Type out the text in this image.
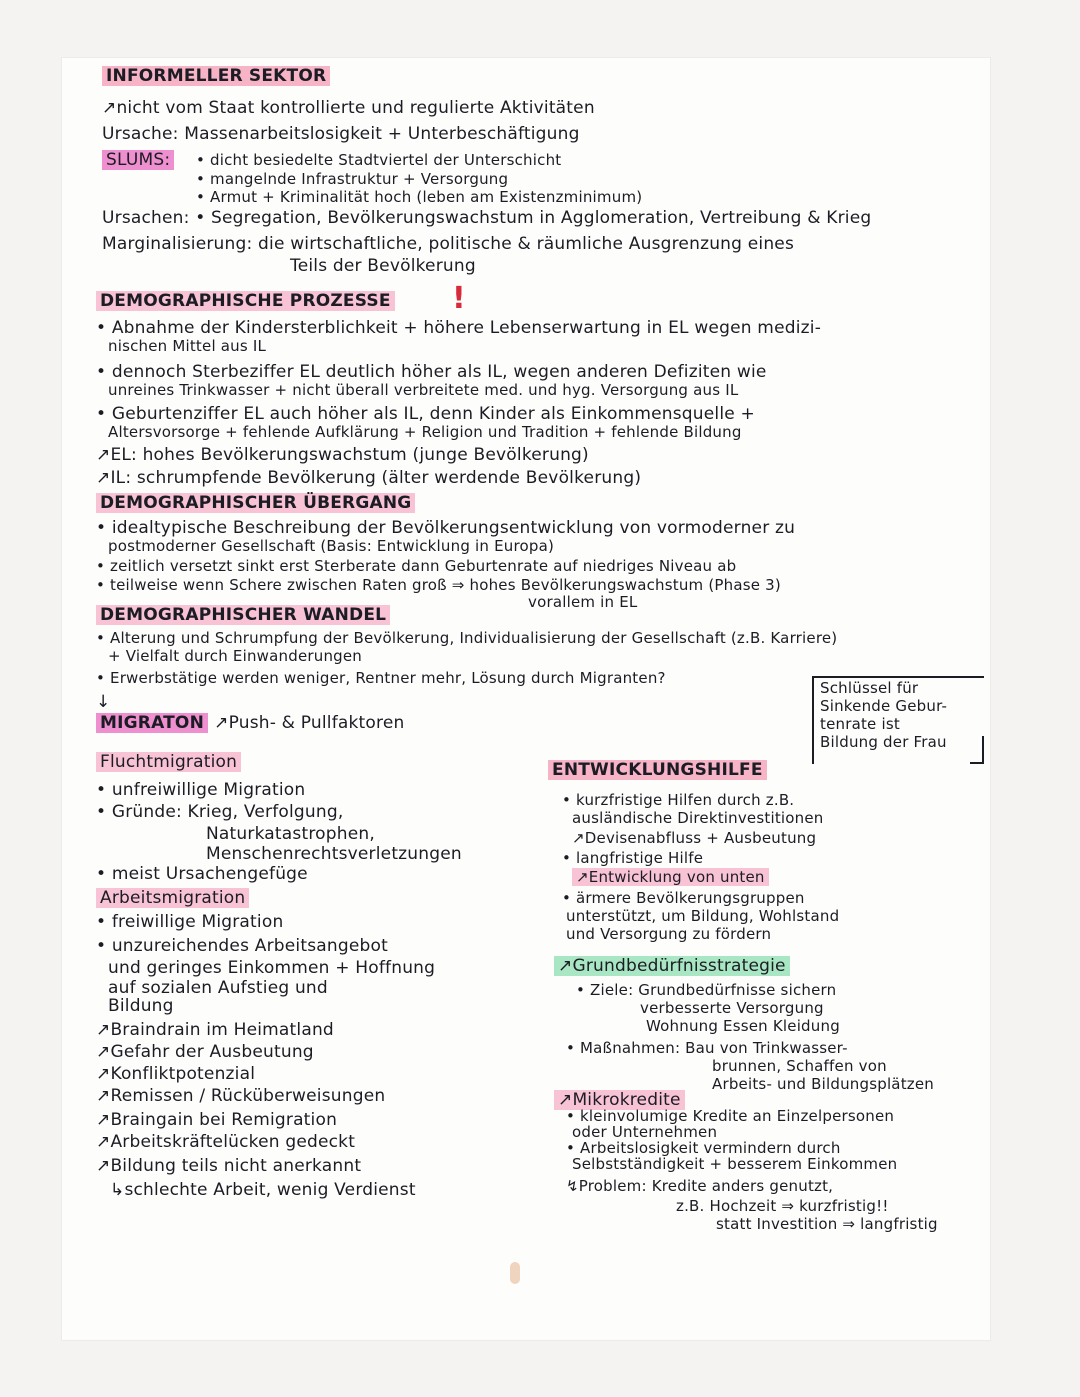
INFORMELLER SEKTOR
↗nicht vom Staat kontrollierte und regulierte Aktivitäten
Ursache: Massenarbeitslosigkeit + Unterbeschäftigung
SLUMS: • dicht besiedelte Stadtviertel der Unterschicht
• mangelnde Infrastruktur + Versorgung
• Armut + Kriminalität hoch (leben am Existenzminimum)
Ursachen: • Segregation, Bevölkerungswachstum in Agglomeration, Vertreibung & Krieg
Marginalisierung: die wirtschaftliche, politische & räumliche Ausgrenzung eines
Teils der Bevölkerung
DEMOGRAPHISCHE PROZESSE !
• Abnahme der Kindersterblichkeit + höhere Lebenserwartung in EL wegen medizi-
nischen Mittel aus IL
• dennoch Sterbeziffer EL deutlich höher als IL, wegen anderen Defiziten wie
unreines Trinkwasser + nicht überall verbreitete med. und hyg. Versorgung aus IL
• Geburtenziffer EL auch höher als IL, denn Kinder als Einkommensquelle +
Altersvorsorge + fehlende Aufklärung + Religion und Tradition + fehlende Bildung
↗EL: hohes Bevölkerungswachstum (junge Bevölkerung)
↗IL: schrumpfende Bevölkerung (älter werdende Bevölkerung)
DEMOGRAPHISCHER ÜBERGANG
• idealtypische Beschreibung der Bevölkerungsentwicklung von vormoderner zu
postmoderner Gesellschaft (Basis: Entwicklung in Europa)
• zeitlich versetzt sinkt erst Sterberate dann Geburtenrate auf niedriges Niveau ab
• teilweise wenn Schere zwischen Raten groß ⇒ hohes Bevölkerungswachstum (Phase 3)
vorallem in EL
DEMOGRAPHISCHER WANDEL
• Alterung und Schrumpfung der Bevölkerung, Individualisierung der Gesellschaft (z.B. Karriere)
+ Vielfalt durch Einwanderungen
• Erwerbstätige werden weniger, Rentner mehr, Lösung durch Migranten?
↓
Schlüssel für
Sinkende Gebur-
tenrate ist
Bildung der Frau
MIGRATON ↗Push- & Pullfaktoren
Fluchtmigration
• unfreiwillige Migration
• Gründe: Krieg, Verfolgung,
Naturkatastrophen,
Menschenrechtsverletzungen
• meist Ursachengefüge
Arbeitsmigration
• freiwillige Migration
• unzureichendes Arbeitsangebot
und geringes Einkommen + Hoffnung
auf sozialen Aufstieg und
Bildung
↗Braindrain im Heimatland
↗Gefahr der Ausbeutung
↗Konfliktpotenzial
↗Remissen / Rücküberweisungen
↗Braingain bei Remigration
↗Arbeitskräftelücken gedeckt
↗Bildung teils nicht anerkannt
↳schlechte Arbeit, wenig Verdienst
ENTWICKLUNGSHILFE
• kurzfristige Hilfen durch z.B.
ausländische Direktinvestitionen
↗Devisenabfluss + Ausbeutung
• langfristige Hilfe
↗Entwicklung von unten
• ärmere Bevölkerungsgruppen
unterstützt, um Bildung, Wohlstand
und Versorgung zu fördern
↗Grundbedürfnisstrategie
• Ziele: Grundbedürfnisse sichern
verbesserte Versorgung
Wohnung Essen Kleidung
• Maßnahmen: Bau von Trinkwasser-
brunnen, Schaffen von
Arbeits- und Bildungsplätzen
↗Mikrokredite
• kleinvolumige Kredite an Einzelpersonen
oder Unternehmen
• Arbeitslosigkeit vermindern durch
Selbstständigkeit + besserem Einkommen
↯Problem: Kredite anders genutzt,
z.B. Hochzeit ⇒ kurzfristig!!
statt Investition ⇒ langfristig
